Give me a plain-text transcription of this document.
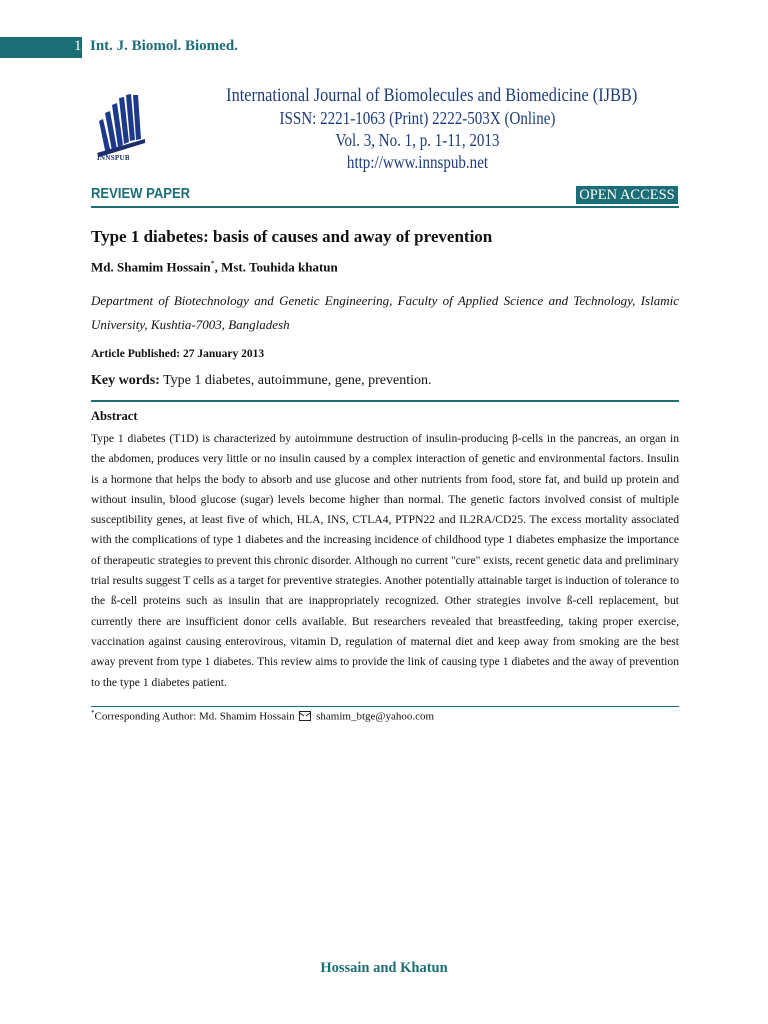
1 Int. J. Biomol. Biomed.
INNSPUB
International Journal of Biomolecules and Biomedicine (IJBB)
ISSN: 2221-1063 (Print) 2222-503X (Online)
Vol. 3, No. 1, p. 1-11, 2013
http://www.innspub.net
REVIEW PAPER	OPEN ACCESS
Type 1 diabetes: basis of causes and away of prevention
Md. Shamim Hossain*, Mst. Touhida khatun
Department of Biotechnology and Genetic Engineering, Faculty of Applied Science and Technology, Islamic University, Kushtia-7003, Bangladesh
Article Published: 27 January 2013
Key words: Type 1 diabetes, autoimmune, gene, prevention.
Abstract
Type 1 diabetes (T1D) is characterized by autoimmune destruction of insulin-producing β-cells in the pancreas, an organ in the abdomen, produces very little or no insulin caused by a complex interaction of genetic and environmental factors. Insulin is a hormone that helps the body to absorb and use glucose and other nutrients from food, store fat, and build up protein and without insulin, blood glucose (sugar) levels become higher than normal. The genetic factors involved consist of multiple susceptibility genes, at least five of which, HLA, INS, CTLA4, PTPN22 and IL2RA/CD25. The excess mortality associated with the complications of type 1 diabetes and the increasing incidence of childhood type 1 diabetes emphasize the importance of therapeutic strategies to prevent this chronic disorder. Although no current "cure" exists, recent genetic data and preliminary trial results suggest T cells as a target for preventive strategies. Another potentially attainable target is induction of tolerance to the ß-cell proteins such as insulin that are inappropriately recognized. Other strategies involve ß-cell replacement, but currently there are insufficient donor cells available. But researchers revealed that breastfeeding, taking proper exercise, vaccination against causing enterovirous, vitamin D, regulation of maternal diet and keep away from smoking are the best away prevent from type 1 diabetes. This review aims to provide the link of causing type 1 diabetes and the away of prevention to the type 1 diabetes patient.
*Corresponding Author: Md. Shamim Hossain shamim_btge@yahoo.com
Hossain and Khatun
